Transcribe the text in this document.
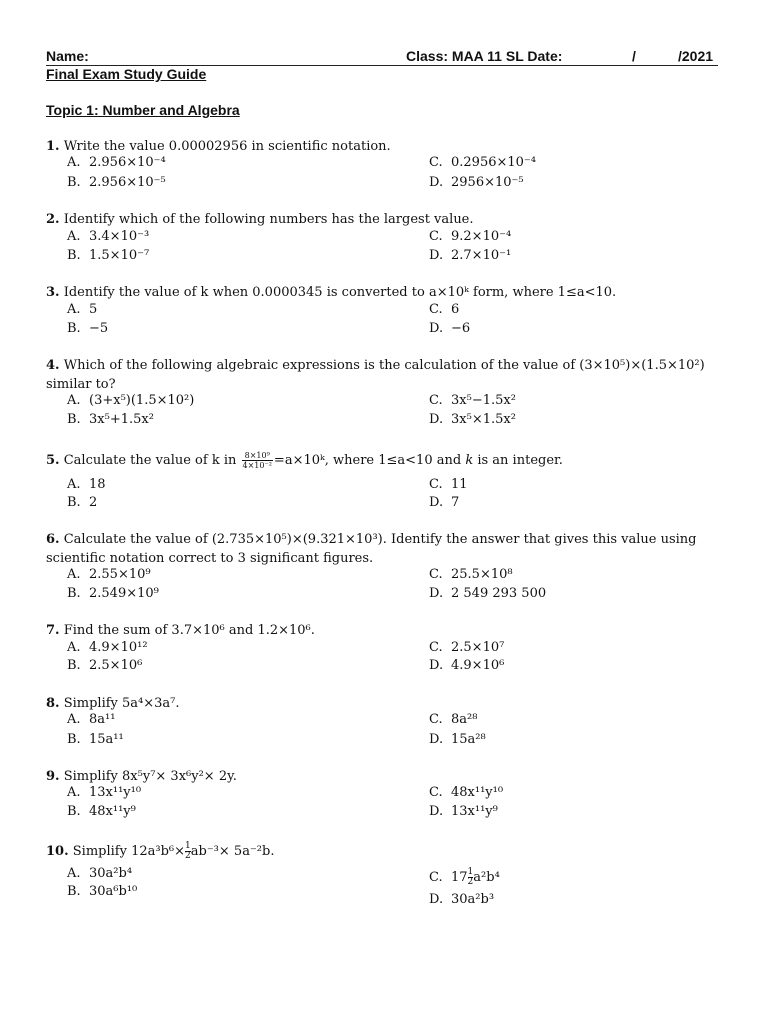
Name:	Class: MAA 11 SL Date:	/	/2021
Final Exam Study Guide
Topic 1: Number and Algebra
1. Write the value 0.00002956 in scientific notation.
A. 2.956×10⁻⁴
B. 2.956×10⁻⁵
C. 0.2956×10⁻⁴
D. 2956×10⁻⁵
2. Identify which of the following numbers has the largest value.
A. 3.4×10⁻³
B. 1.5×10⁻⁷
C. 9.2×10⁻⁴
D. 2.7×10⁻¹
3. Identify the value of k when 0.0000345 is converted to a×10ᵏ form, where 1≤a<10.
A. 5
B. −5
C. 6
D. −6
4. Which of the following algebraic expressions is the calculation of the value of (3×10⁵)×(1.5×10²)
similar to?
A. (3+x⁵)(1.5×10²)
B. 3x⁵+1.5x²
C. 3x⁵−1.5x²
D. 3x⁵×1.5x²
5. Calculate the value of k in $\frac{\text{8×10⁹}}{\text{4×10⁻²}}$ =a×10ᵏ, where 1≤a<10 and k is an integer.
A. 18
B. 2
C. 11
D. 7
6. Calculate the value of (2.735×10⁵)×(9.321×10³). Identify the answer that gives this value using
scientific notation correct to 3 significant figures.
A. 2.55×10⁹
B. 2.549×10⁹
C. 25.5×10⁸
D. 2 549 293 500
7. Find the sum of 3.7×10⁶ and 1.2×10⁶.
A. 4.9×10¹²
B. 2.5×10⁶
C. 2.5×10⁷
D. 4.9×10⁶
8. Simplify 5a⁴×3a⁷.
A. 8a¹¹
B. 15a¹¹
C. 8a²⁸
D. 15a²⁸
9. Simplify 8x⁵y⁷× 3x⁶y²× 2y.
A. 13x¹¹y¹⁰
B. 48x¹¹y⁹
C. 48x¹¹y¹⁰
D. 13x¹¹y⁹
10. Simplify $12a^3b^6\times \frac{1}{2} ab^{-3}\times 5a^{-2}b$.
A. 30a²b⁴
B. 30a⁶b¹⁰
C. $17 \frac{1}{2} a^2b^4$
D. 30a²b³
